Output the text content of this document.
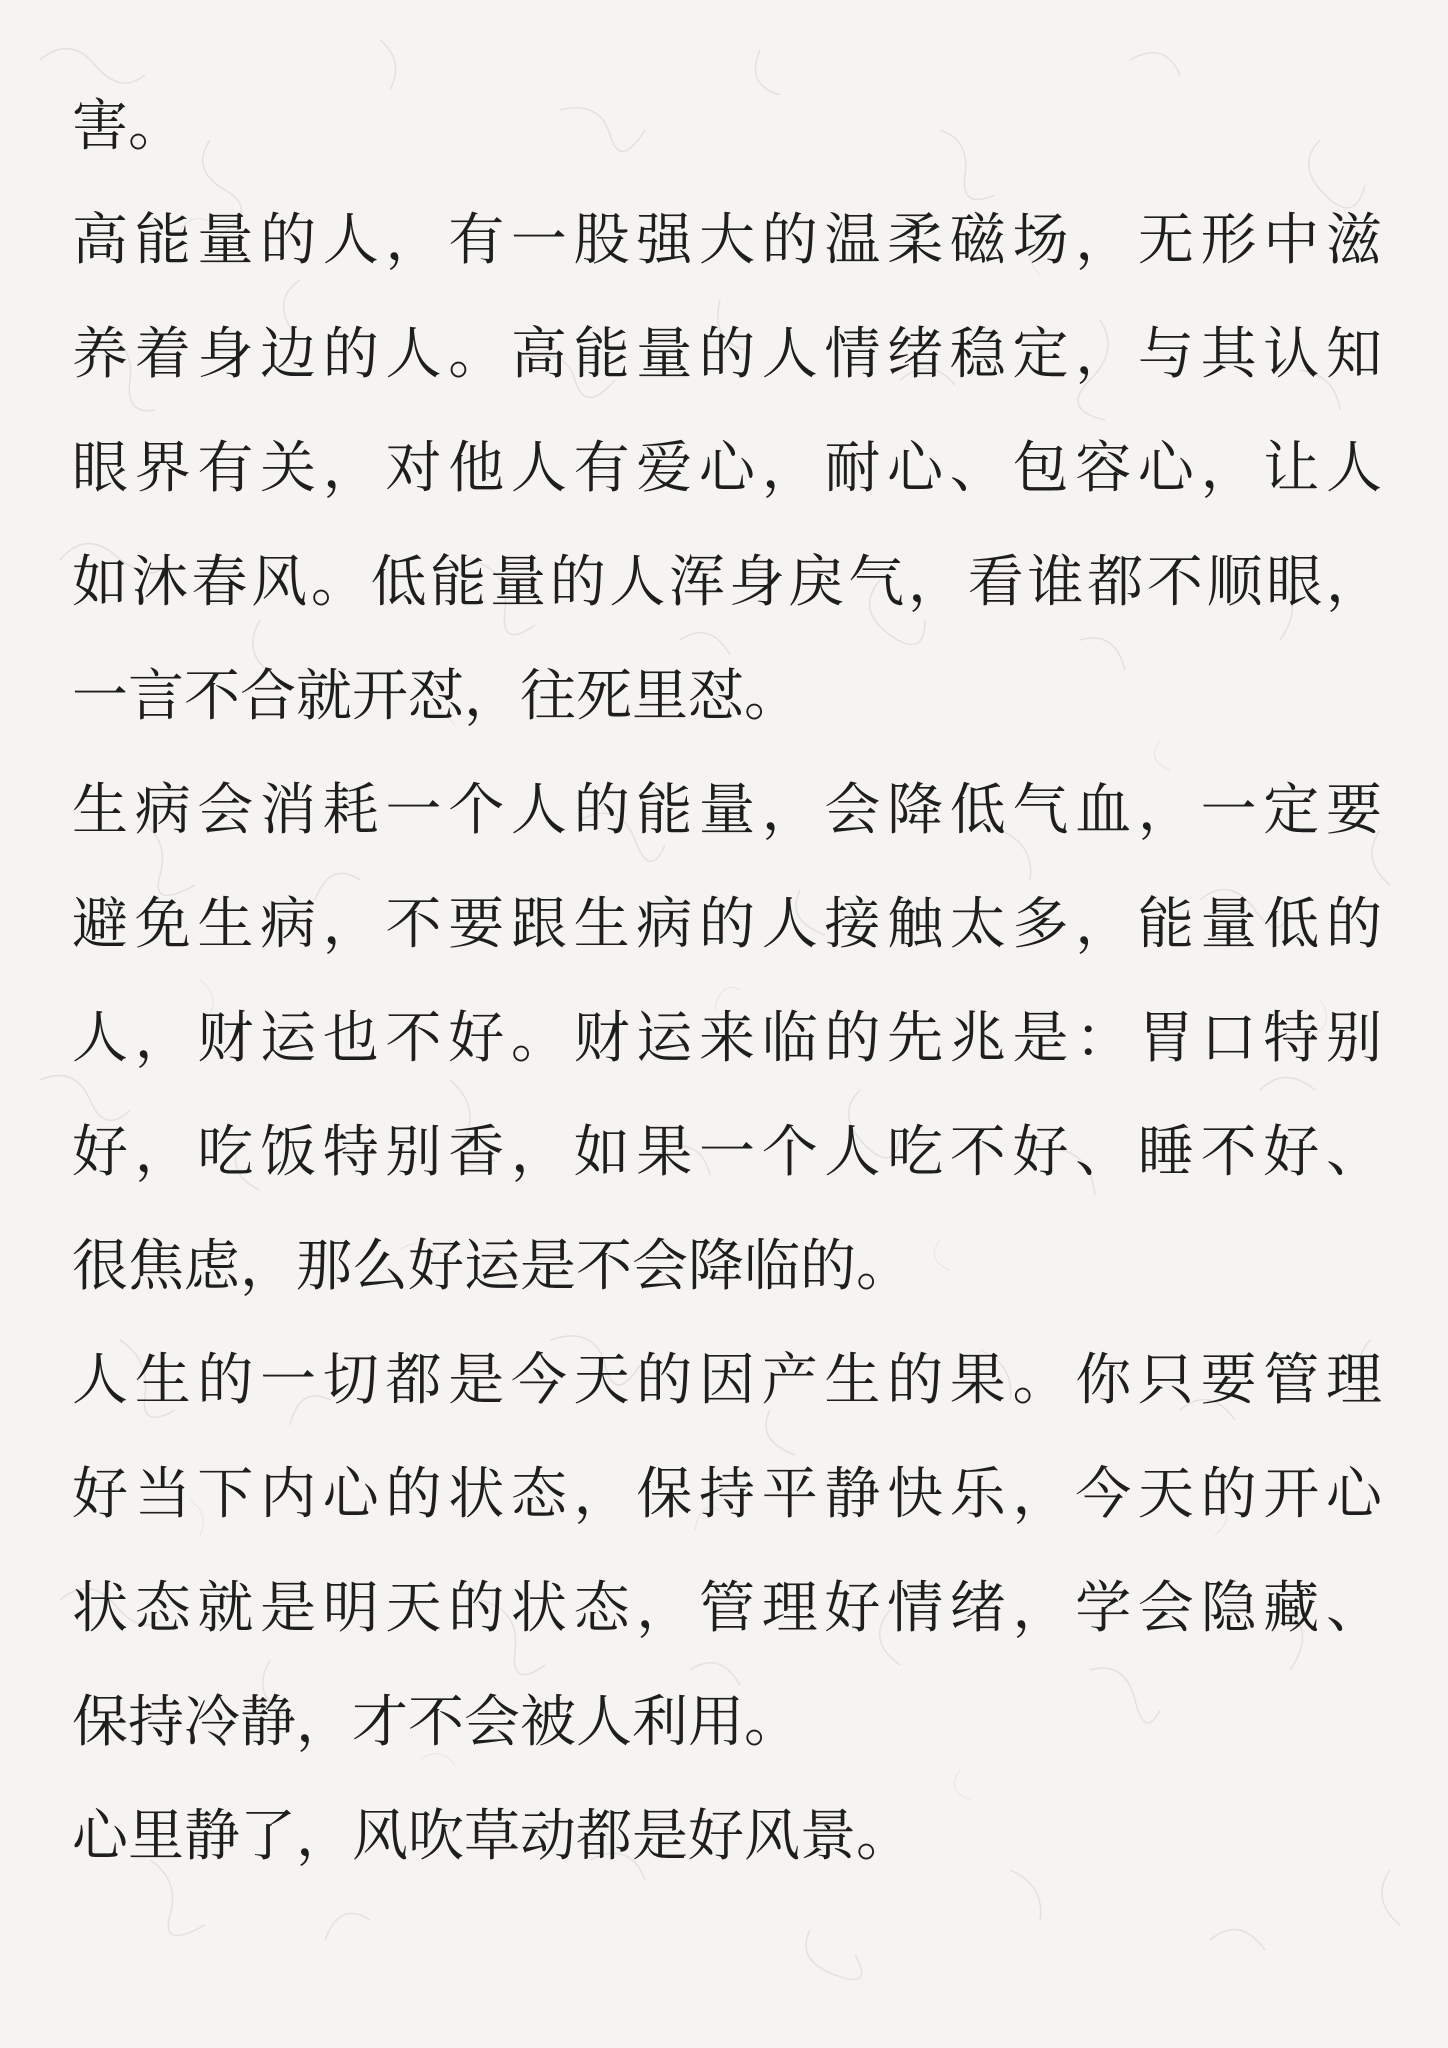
害。
高能量的人，有一股强大的温柔磁场，无形中滋
养着身边的人。高能量的人情绪稳定，与其认知
眼界有关，对他人有爱心，耐心、包容心，让人
如沐春风。低能量的人浑身戾气，看谁都不顺眼，
一言不合就开怼，往死里怼。
生病会消耗一个人的能量，会降低气血，一定要
避免生病，不要跟生病的人接触太多，能量低的
人，财运也不好。财运来临的先兆是：胃口特别
好，吃饭特别香，如果一个人吃不好、睡不好、
很焦虑，那么好运是不会降临的。
人生的一切都是今天的因产生的果。你只要管理
好当下内心的状态，保持平静快乐，今天的开心
状态就是明天的状态，管理好情绪，学会隐藏、
保持冷静，才不会被人利用。
心里静了，风吹草动都是好风景。
